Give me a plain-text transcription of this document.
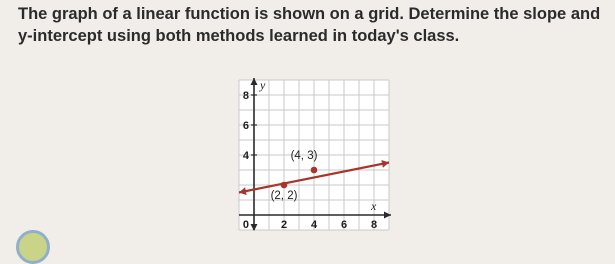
The graph of a linear function is shown on a grid. Determine the slope and y-intercept using both methods learned in today's class.
y
x
0	2 4 6 8
8
6
4
(2, 2)
(4, 3)
